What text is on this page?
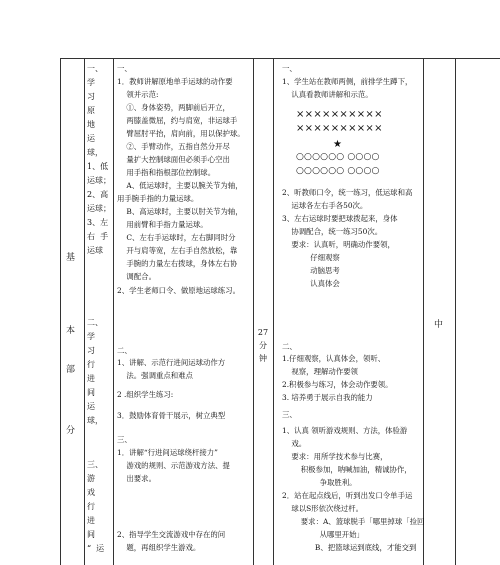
基
本
部
分
一、
学
习
原
地
运
球，
1、低
运球；
2、高
运球；
3、左
右  手
运球
二、
学
习
行
进
间
运
球，
三、
游
戏
行
进
间
“  运
一、
1．教师讲解原地单手运球的动作要
领并示范:
①、身体姿势，两脚前后开立，
两膝盖微屈，约与肩宽，非运球手
臂屈肘平抬，肩向前，用以保护球。
②、手臂动作，五指自然分开尽
量扩大控制球面但必须手心空出
用手指和指根部位控制球。
A、低运球时，主要以腕关节为轴，
用手腕手指的力量运球。
B、高运球时，主要以肘关节为轴，
用前臂和手指力量运球。
C、左右手运球时，左右脚同时分
开与肩等宽，左右手自然放松，靠
手腕的力量左右拨球，身体左右协
调配合。
2、学生老师口令、做原地运球练习。
二、
1、讲解、示范行进间运球动作方
法。强调重点和难点
2 .组织学生练习:
3．鼓励体育骨干展示，树立典型
三、
1．讲解“行进间运球绕杆接力”
游戏的规则、示范游戏方法、提
出要求。
2、指导学生交流游戏中存在的问
题，再组织学生游戏。
27
分
钟
一、
1、学生站在教师两侧，前排学生蹲下，
认真看教师讲解和示范。
××××××××××
××××××××××
★
○○○○○○ ○○○○
○○○○○○ ○○○○
2、听教师口令，统一练习，低运球和高
运球各左右手各50次。
3、左右运球时要把球拨起来，身体
协调配合，统一练习50次。
要求：认真听，明确动作要领，
仔细观察
动脑思考
认真体会
二、
1.仔细观察，认真体会，领听、
视察，理解动作要领
2.积极参与练习，体会动作要领。
3. 培养勇于展示自我的能力
三、
1、认真 领听游戏规则、方法，体验游
戏。
要求：用所学技术参与比赛，
积极参加，呐喊加油，精诚协作，
争取胜利。
2．站在起点线后，听到出发口令单手运
球以S形依次绕过杆。
要求：A、篮球脱手「哪里掉球「捡回
从哪里开始」
B、把篮球运到底线，才能交到
中
